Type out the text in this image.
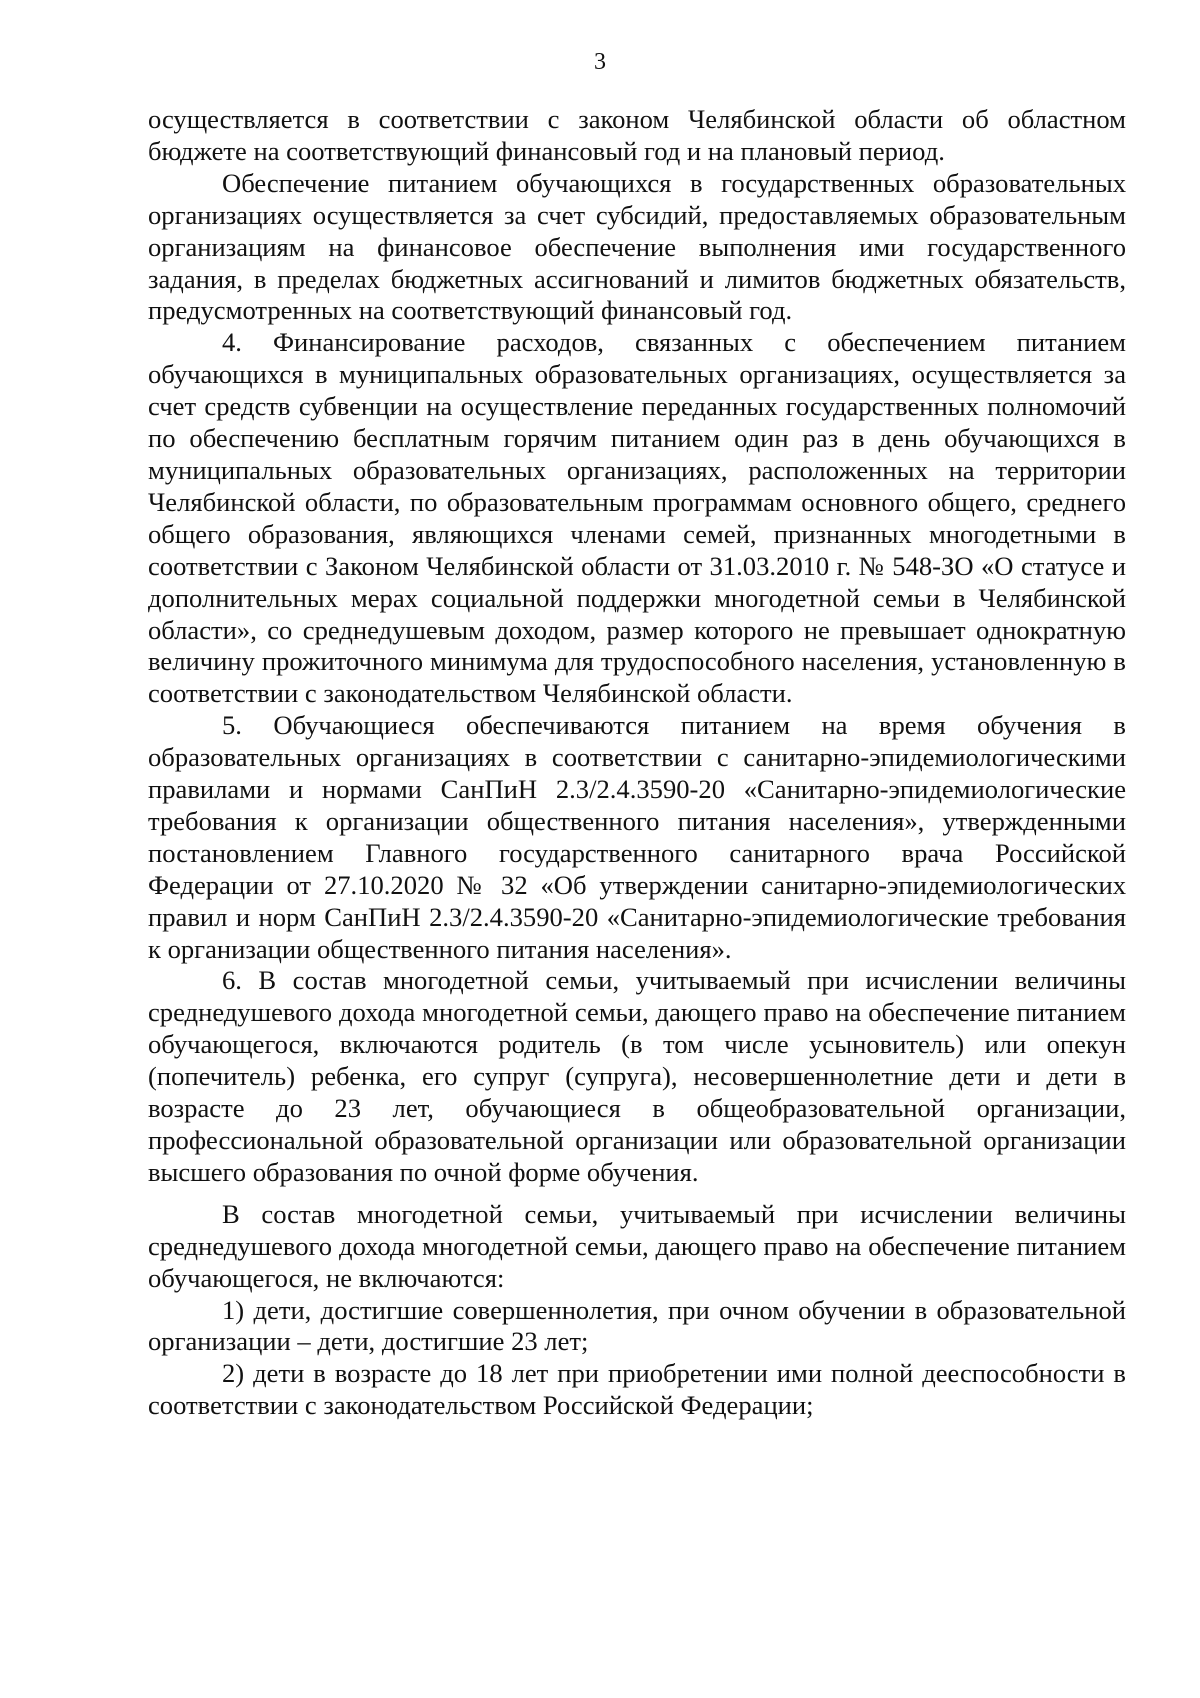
3

осуществляется в соответствии с законом Челябинской области об областном бюджете на соответствующий финансовый год и на плановый период.

Обеспечение питанием обучающихся в государственных образовательных организациях осуществляется за счет субсидий, предоставляемых образовательным организациям на финансовое обеспечение выполнения ими государственного задания, в пределах бюджетных ассигнований и лимитов бюджетных обязательств, предусмотренных на соответствующий финансовый год.

4. Финансирование расходов, связанных с обеспечением питанием обучающихся в муниципальных образовательных организациях, осуществляется за счет средств субвенции на осуществление переданных государственных полномочий по обеспечению бесплатным горячим питанием один раз в день обучающихся в муниципальных образовательных организациях, расположенных на территории Челябинской области, по образовательным программам основного общего, среднего общего образования, являющихся членами семей, признанных многодетными в соответствии с Законом Челябинской области от 31.03.2010 г. № 548-ЗО «О статусе и дополнительных мерах социальной поддержки многодетной семьи в Челябинской области», со среднедушевым доходом, размер которого не превышает однократную величину прожиточного минимума для трудоспособного населения, установленную в соответствии с законодательством Челябинской области.

5. Обучающиеся обеспечиваются питанием на время обучения в образовательных организациях в соответствии с санитарно-эпидемиологическими правилами и нормами СанПиН 2.3/2.4.3590-20 «Санитарно-эпидемиологические требования к организации общественного питания населения», утвержденными постановлением Главного государственного санитарного врача Российской Федерации от 27.10.2020 № 32 «Об утверждении санитарно-эпидемиологических правил и норм СанПиН 2.3/2.4.3590-20 «Санитарно-эпидемиологические требования к организации общественного питания населения».

6. В состав многодетной семьи, учитываемый при исчислении величины среднедушевого дохода многодетной семьи, дающего право на обеспечение питанием обучающегося, включаются родитель (в том числе усыновитель) или опекун (попечитель) ребенка, его супруг (супруга), несовершеннолетние дети и дети в возрасте до 23 лет, обучающиеся в общеобразовательной организации, профессиональной образовательной организации или образовательной организации высшего образования по очной форме обучения.

В состав многодетной семьи, учитываемый при исчислении величины среднедушевого дохода многодетной семьи, дающего право на обеспечение питанием обучающегося, не включаются:

1) дети, достигшие совершеннолетия, при очном обучении в образовательной организации – дети, достигшие 23 лет;

2) дети в возрасте до 18 лет при приобретении ими полной дееспособности в соответствии с законодательством Российской Федерации;
